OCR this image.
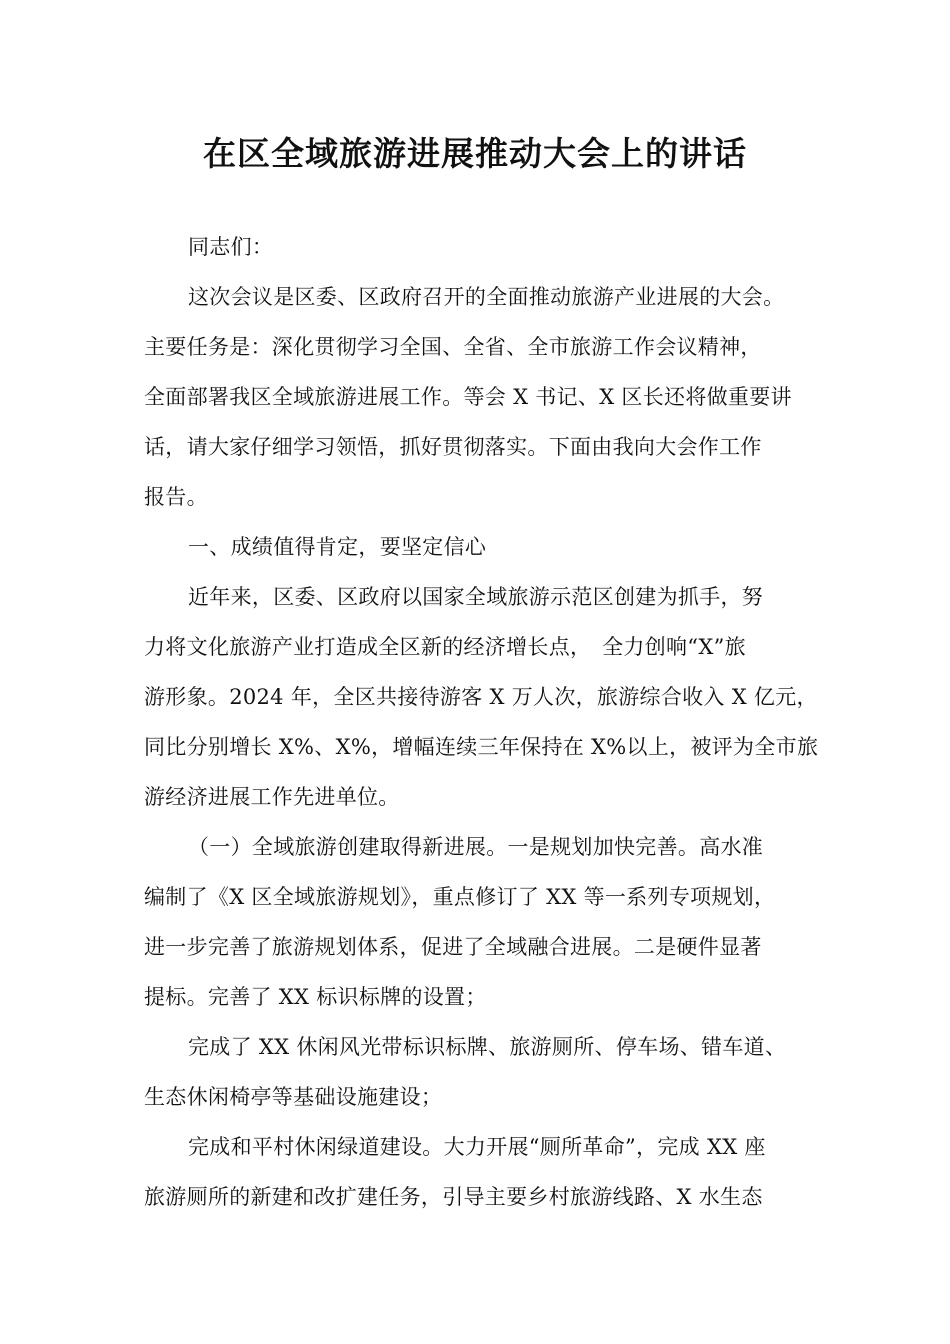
在区全域旅游进展推动大会上的讲话

同志们：

这次会议是区委、区政府召开的全面推动旅游产业进展的大会。

主要任务是：深化贯彻学习全国、全省、全市旅游工作会议精神，

全面部署我区全域旅游进展工作。等会 X 书记、X 区长还将做重要讲

话，请大家仔细学习领悟，抓好贯彻落实。下面由我向大会作工作

报告。

一、成绩值得肯定，要坚定信心

近年来，区委、区政府以国家全域旅游示范区创建为抓手，努

力将文化旅游产业打造成全区新的经济增长点，　全力创响“X”旅

游形象。2024 年，全区共接待游客 X 万人次，旅游综合收入 X 亿元，

同比分别增长 X%、X%，增幅连续三年保持在 X%以上，被评为全市旅

游经济进展工作先进单位。

（一）全域旅游创建取得新进展。一是规划加快完善。高水准

编制了《X 区全域旅游规划》，重点修订了 XX 等一系列专项规划，

进一步完善了旅游规划体系，促进了全域融合进展。二是硬件显著

提标。完善了 XX 标识标牌的设置；

完成了 XX 休闲风光带标识标牌、旅游厕所、停车场、错车道、

生态休闲椅亭等基础设施建设；

完成和平村休闲绿道建设。大力开展“厕所革命”，完成 XX 座

旅游厕所的新建和改扩建任务，引导主要乡村旅游线路、X 水生态
